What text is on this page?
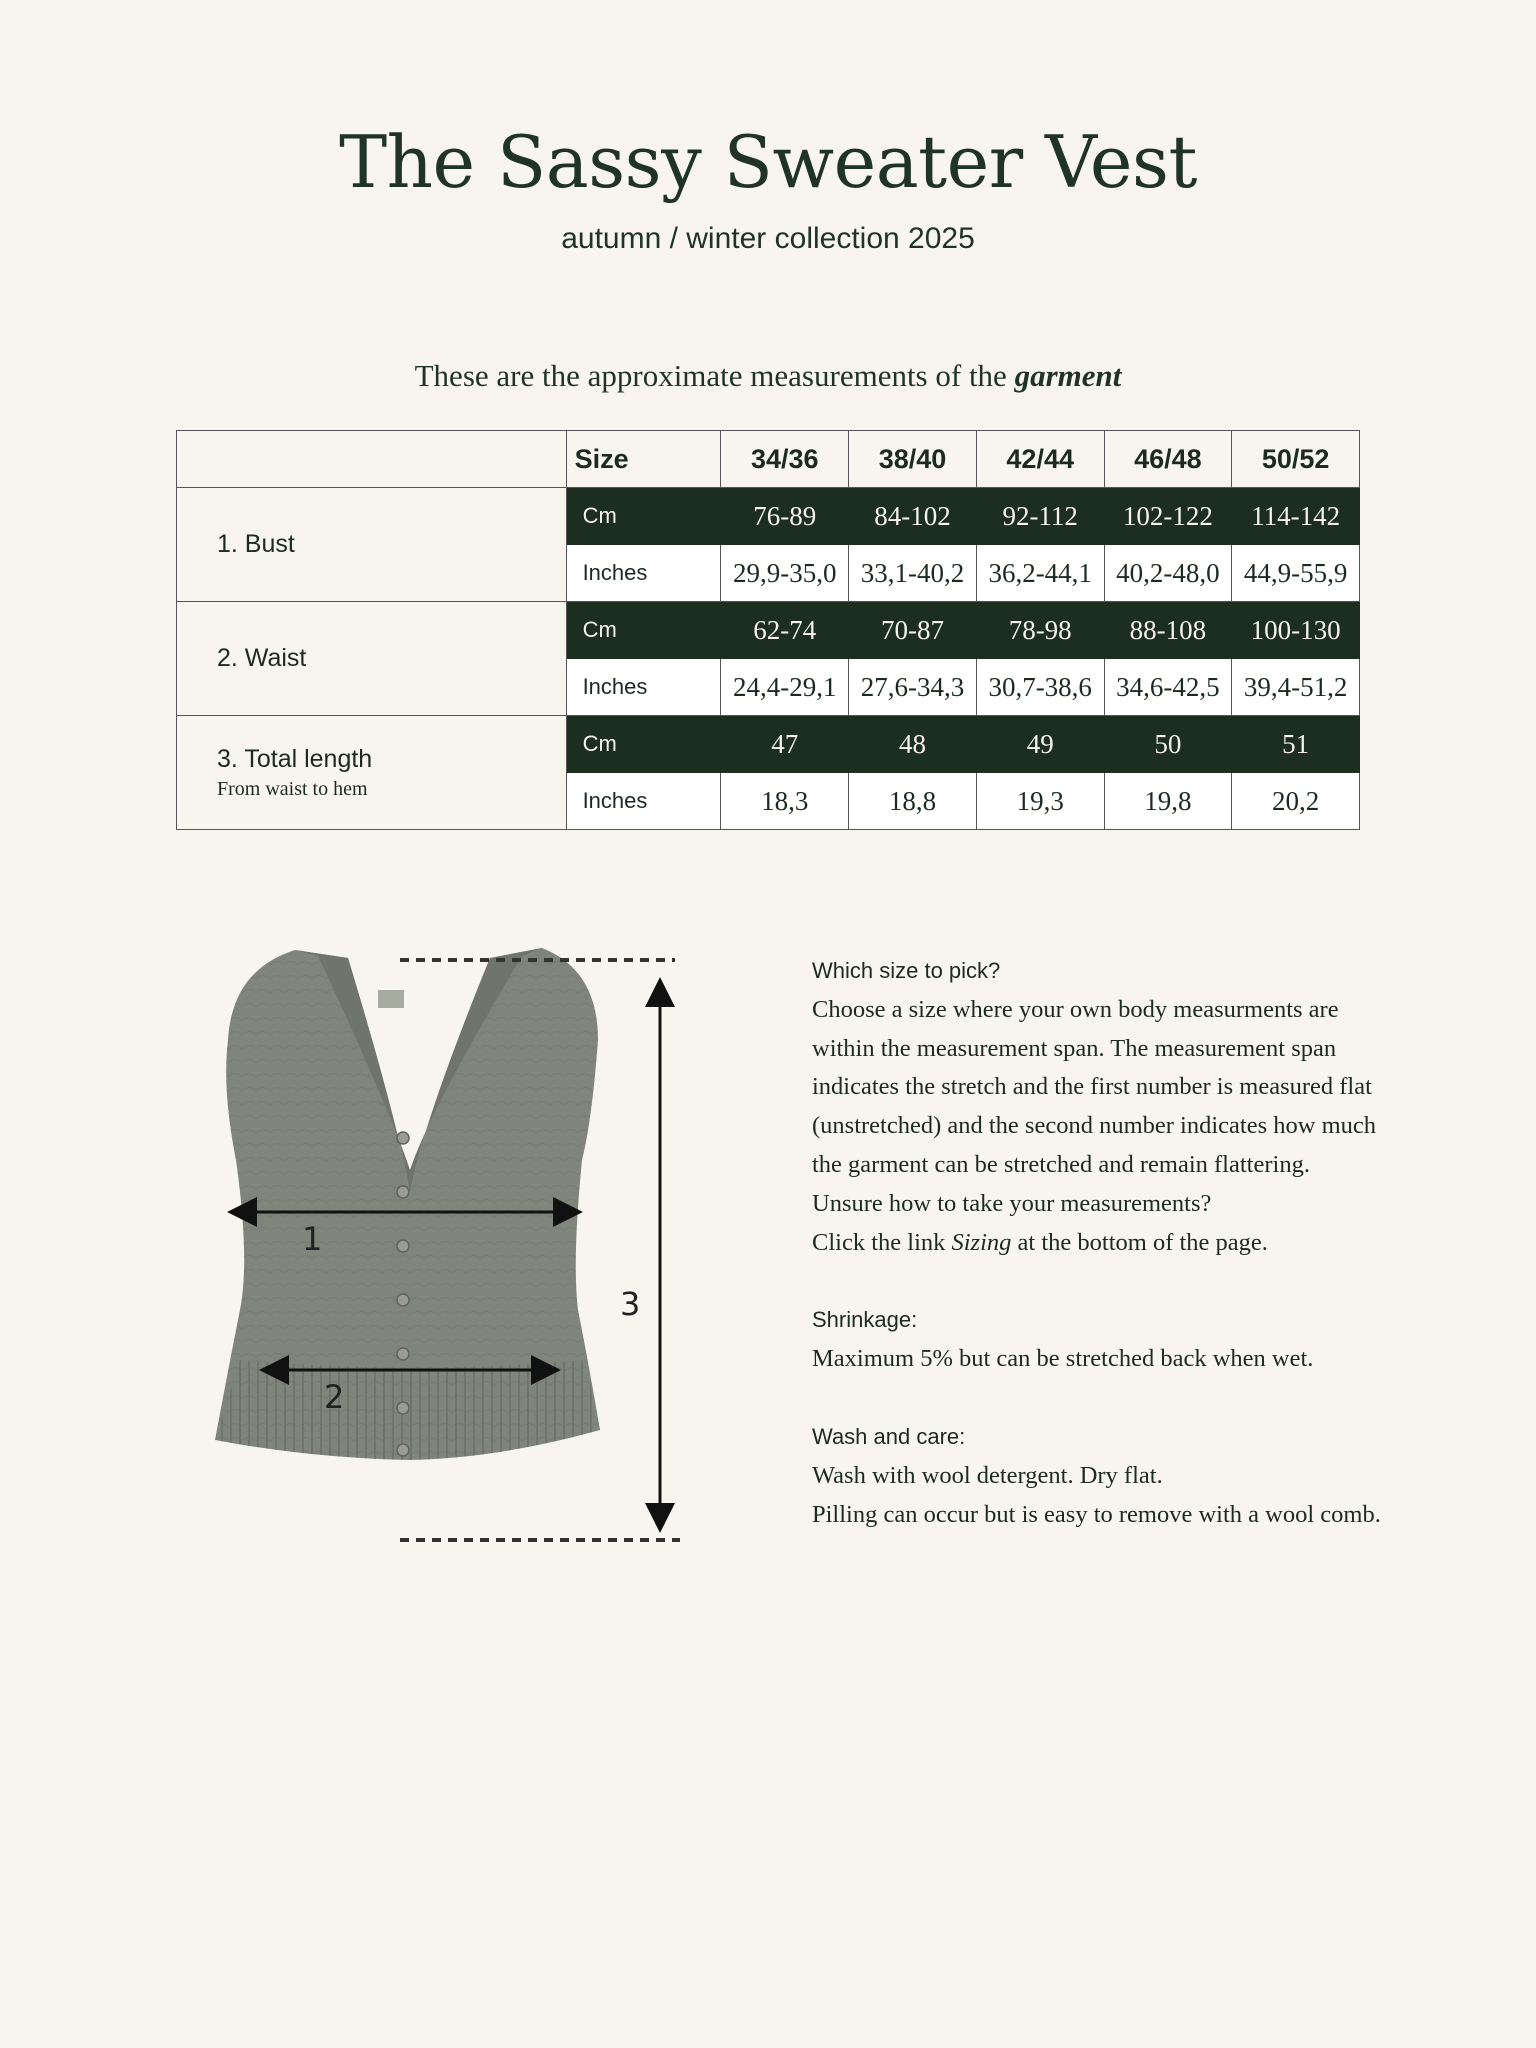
The Sassy Sweater Vest
autumn / winter collection 2025
These are the approximate measurements of the garment
	Size	34/36	38/40	42/44	46/48	50/52
1. Bust	Cm	76-89	84-102	92-112	102-122	114-142
	Inches	29,9-35,0	33,1-40,2	36,2-44,1	40,2-48,0	44,9-55,9
2. Waist	Cm	62-74	70-87	78-98	88-108	100-130
	Inches	24,4-29,1	27,6-34,3	30,7-38,6	34,6-42,5	39,4-51,2
3. Total length
From waist to hem	Cm	47	48	49	50	51
	Inches	18,3	18,8	19,3	19,8	20,2
1
2
3
Which size to pick?

Choose a size where your own body measurments are

within the measurement span. The measurement span

indicates the stretch and the first number is measured flat

(unstretched) and the second number indicates how much

the garment can be stretched and remain flattering.

Unsure how to take your measurements?

Click the link Sizing at the bottom of the page.

Shrinkage:

Maximum 5% but can be stretched back when wet.

Wash and care:

Wash with wool detergent. Dry flat.

Pilling can occur but is easy to remove with a wool comb.
